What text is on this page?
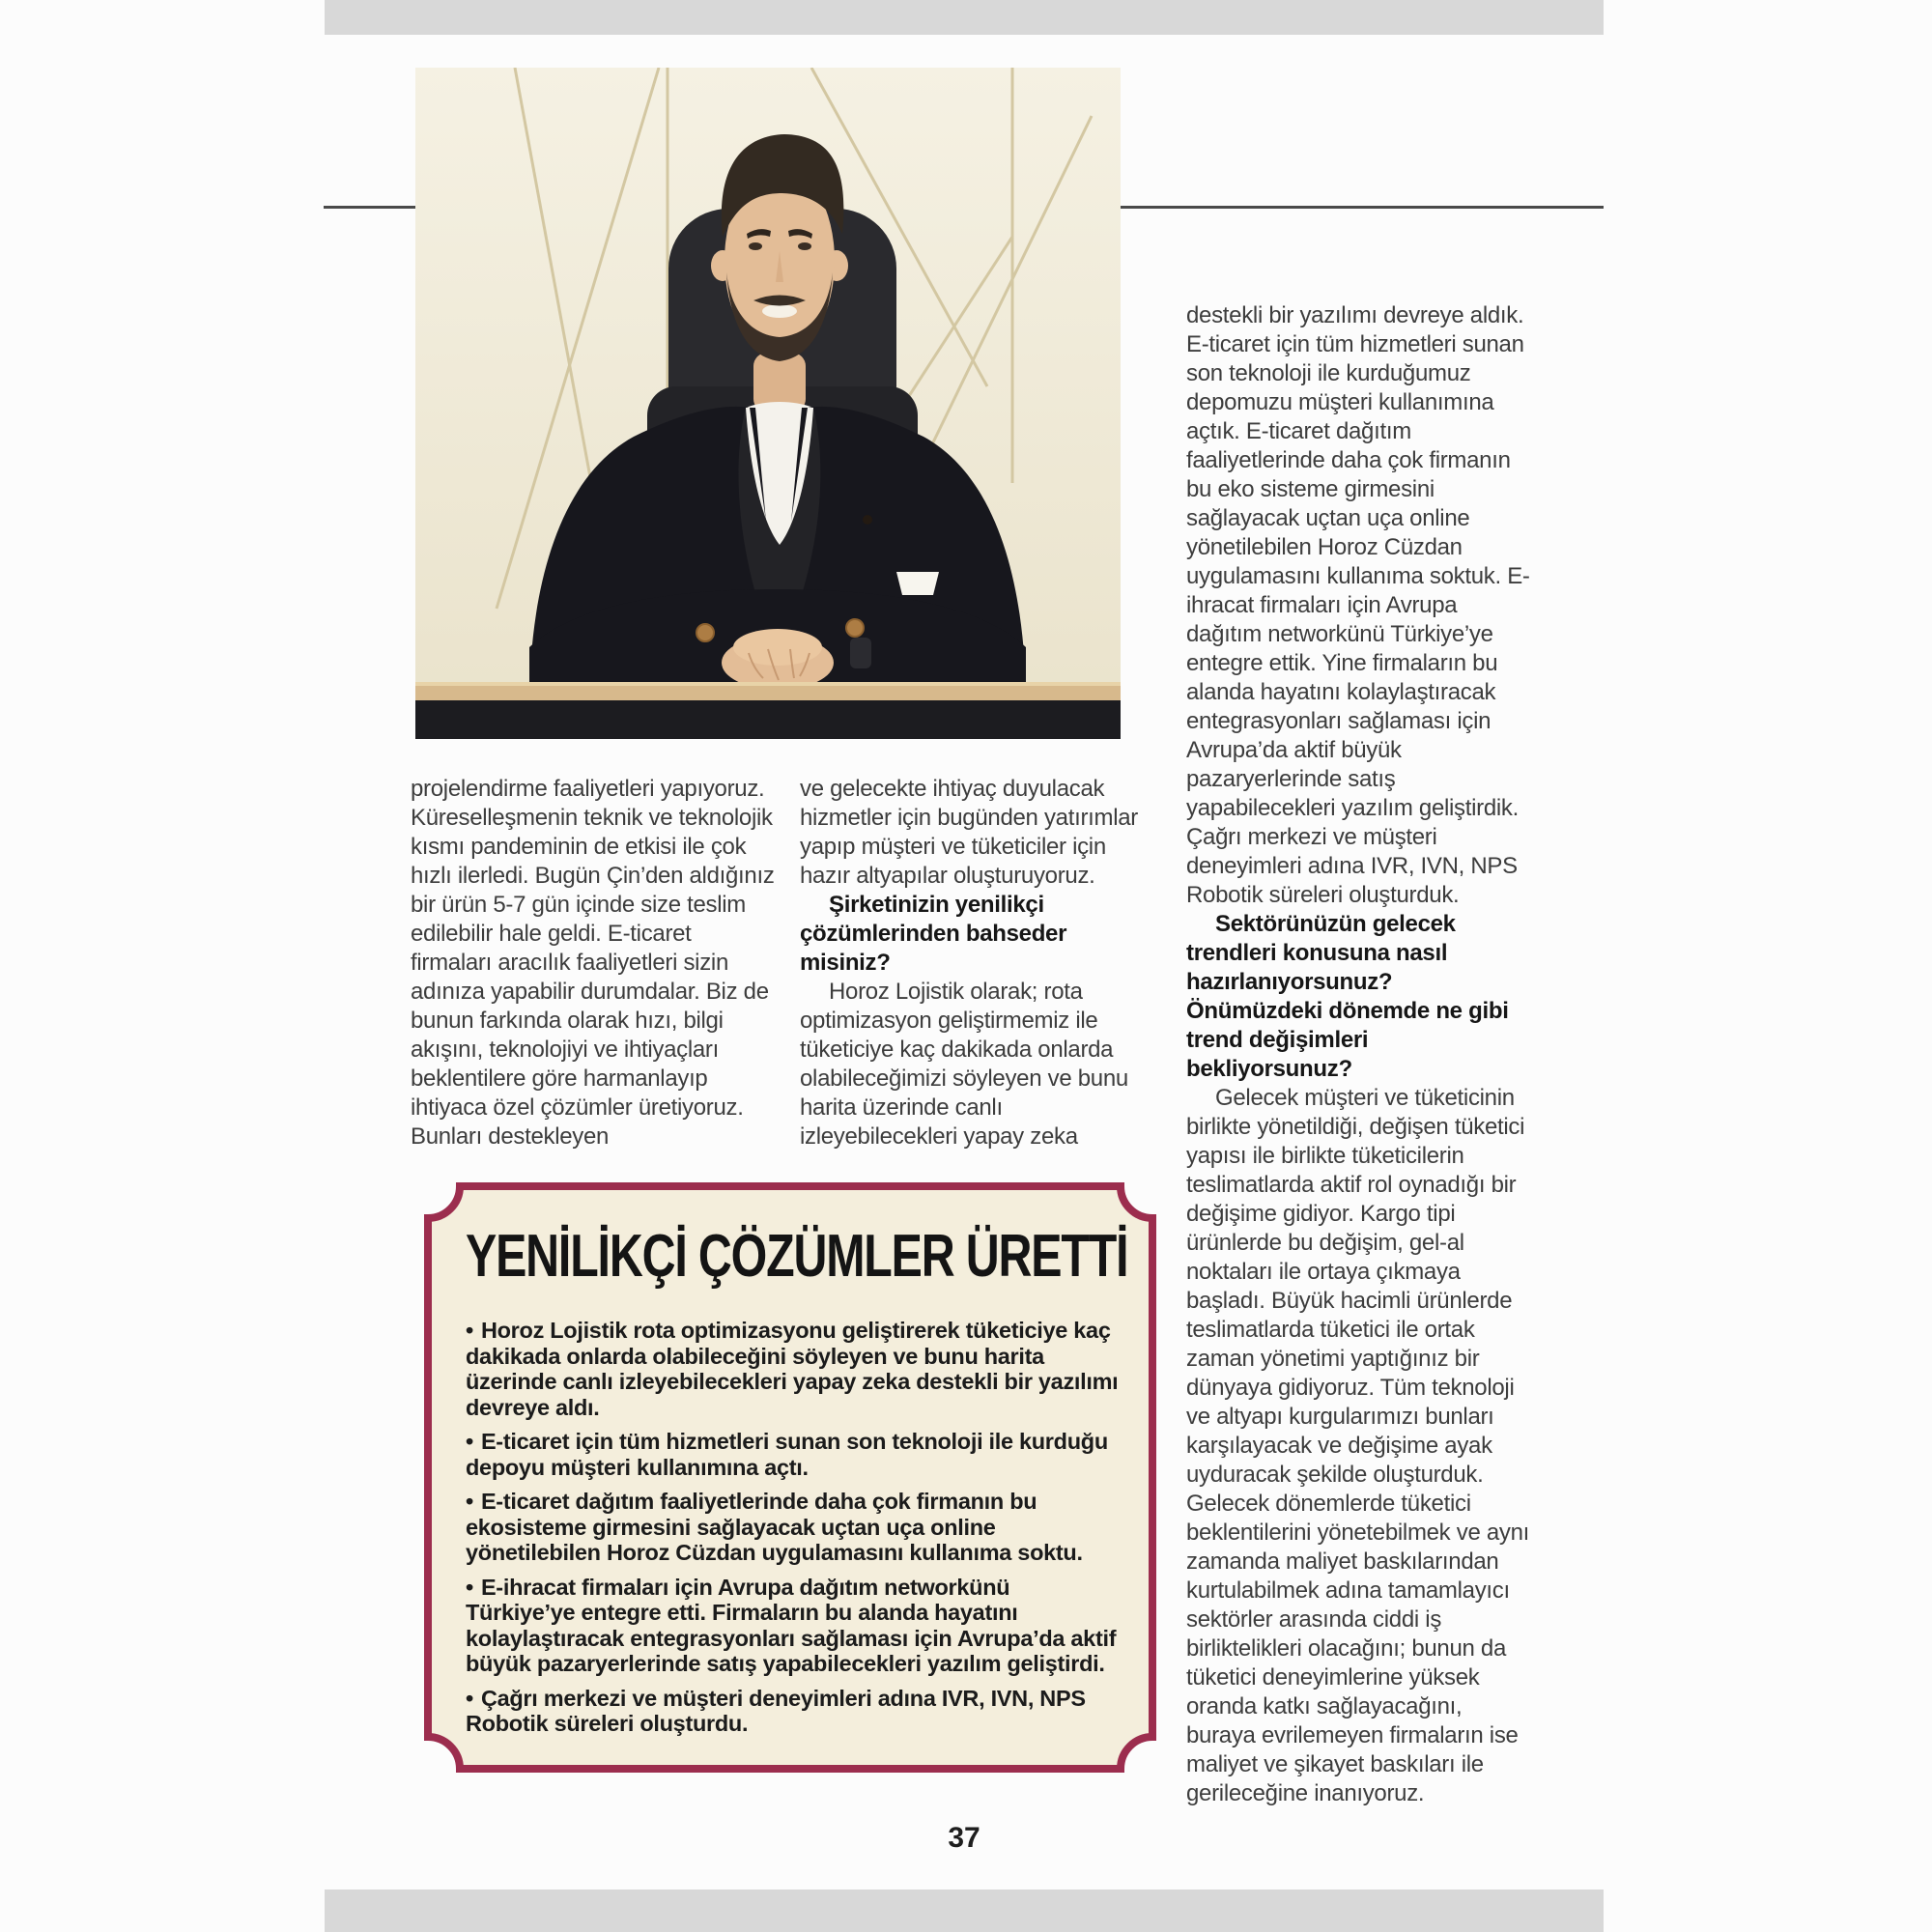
projelendirme faaliyetleri yapıyoruz. Küreselleşmenin teknik ve teknolojik kısmı pandeminin de etkisi ile çok hızlı ilerledi. Bugün Çin’den aldığınız bir ürün 5-7 gün içinde size teslim edilebilir hale geldi. E-ticaret firmaları aracılık faaliyetleri sizin adınıza yapabilir durumdalar. Biz de bunun farkında olarak hızı, bilgi akışını, teknolojiyi ve ihtiyaçları beklentilere göre harmanlayıp ihtiyaca özel çözümler üretiyoruz. Bunları destekleyen

ve gelecekte ihtiyaç duyulacak hizmetler için bugünden yatırımlar yapıp müşteri ve tüketiciler için hazır altyapılar oluşturuyoruz.

Şirketinizin yenilikçi çözümlerinden bahseder misiniz?

Horoz Lojistik olarak; rota optimizasyon geliştirmemiz ile tüketiciye kaç dakikada onlarda olabileceğimizi söyleyen ve bunu harita üzerinde canlı izleyebilecekleri yapay zeka

destekli bir yazılımı devreye aldık. E-ticaret için tüm hizmetleri sunan son teknoloji ile kurduğumuz depomuzu müşteri kullanımına açtık. E-ticaret dağıtım faaliyetlerinde daha çok firmanın bu eko sisteme girmesini sağlayacak uçtan uça online yönetilebilen Horoz Cüzdan uygulamasını kullanıma soktuk. E-ihracat firmaları için Avrupa dağıtım networkünü Türkiye’ye entegre ettik. Yine firmaların bu alanda hayatını kolaylaştıracak entegrasyonları sağlaması için Avrupa’da aktif büyük pazaryerlerinde satış yapabilecekleri yazılım geliştirdik. Çağrı merkezi ve müşteri deneyimleri adına IVR, IVN, NPS Robotik süreleri oluşturduk.

Sektörünüzün gelecek trendleri konusuna nasıl hazırlanıyorsunuz? Önümüzdeki dönemde ne gibi trend değişimleri bekliyorsunuz?

Gelecek müşteri ve tüketicinin birlikte yönetildiği, değişen tüketici yapısı ile birlikte tüketicilerin teslimatlarda aktif rol oynadığı bir değişime gidiyor. Kargo tipi ürünlerde bu değişim, gel-al noktaları ile ortaya çıkmaya başladı. Büyük hacimli ürünlerde teslimatlarda tüketici ile ortak zaman yönetimi yaptığınız bir dünyaya gidiyoruz. Tüm teknoloji ve altyapı kurgularımızı bunları karşılayacak ve değişime ayak uyduracak şekilde oluşturduk. Gelecek dönemlerde tüketici beklentilerini yönetebilmek ve aynı zamanda maliyet baskılarından kurtulabilmek adına tamamlayıcı sektörler arasında ciddi iş birliktelikleri olacağını; bunun da tüketici deneyimlerine yüksek oranda katkı sağlayacağını, buraya evrilemeyen firmaların ise maliyet ve şikayet baskıları ile gerileceğine inanıyoruz.

YENİLİKÇİ ÇÖZÜMLER ÜRETTİ

• Horoz Lojistik rota optimizasyonu geliştirerek tüketiciye kaç dakikada onlarda olabileceğini söyleyen ve bunu harita üzerinde canlı izleyebilecekleri yapay zeka destekli bir yazılımı devreye aldı.

• E-ticaret için tüm hizmetleri sunan son teknoloji ile kurduğu depoyu müşteri kullanımına açtı.

• E-ticaret dağıtım faaliyetlerinde daha çok firmanın bu ekosisteme girmesini sağlayacak uçtan uça online yönetilebilen Horoz Cüzdan uygulamasını kullanıma soktu.

• E-ihracat firmaları için Avrupa dağıtım networkünü Türkiye’ye entegre etti. Firmaların bu alanda hayatını kolaylaştıracak entegrasyonları sağlaması için Avrupa’da aktif büyük pazaryerlerinde satış yapabilecekleri yazılım geliştirdi.

• Çağrı merkezi ve müşteri deneyimleri adına IVR, IVN, NPS Robotik süreleri oluşturdu.

37
